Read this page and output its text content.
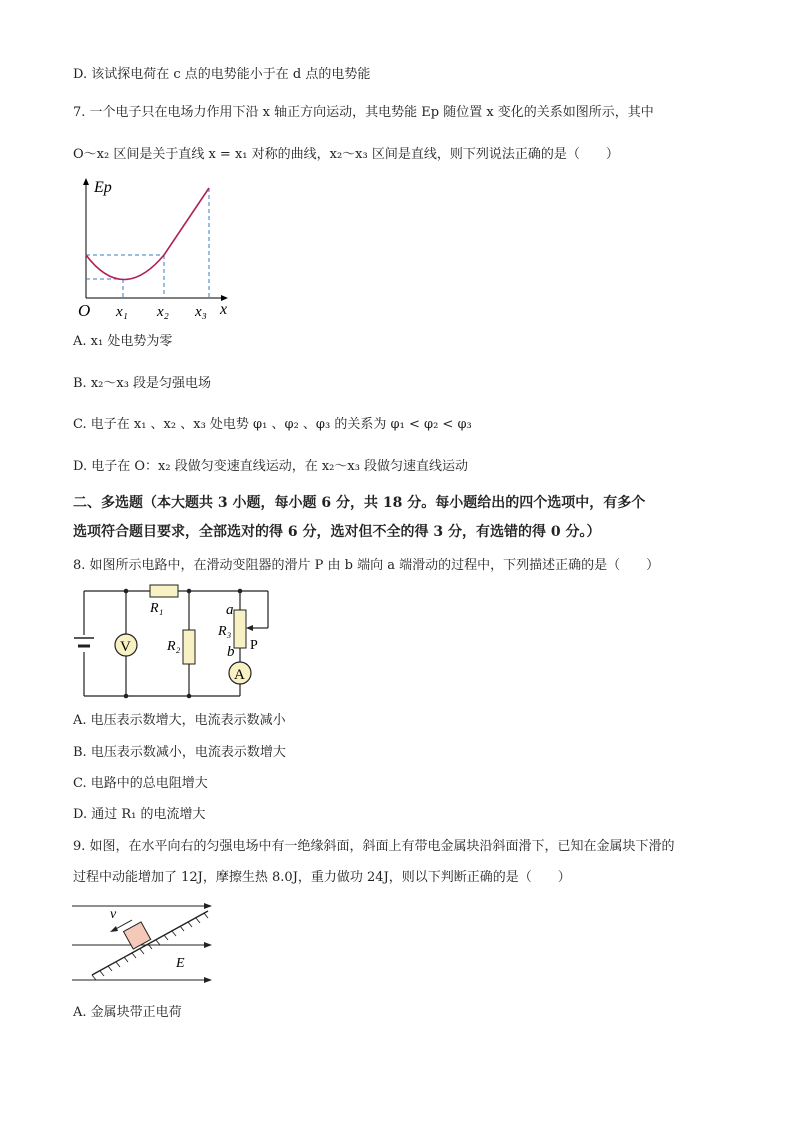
D. 该试探电荷在 c 点的电势能小于在 d 点的电势能
7. 一个电子只在电场力作用下沿 x 轴正方向运动，其电势能 Ep 随位置 x 变化的关系如图所示，其中
O～x₂ 区间是关于直线 x = x₁ 对称的曲线，x₂～x₃ 区间是直线，则下列说法正确的是（　　）
Ep
O x₁ x₂ x₃ x
A. x₁ 处电势为零
B. x₂～x₃ 段是匀强电场
C. 电子在 x₁ 、x₂ 、x₃ 处电势 φ₁ 、φ₂ 、φ₃ 的关系为 φ₁ < φ₂ < φ₃
D. 电子在 O：x₂ 段做匀变速直线运动，在 x₂～x₃ 段做匀速直线运动
二、多选题（本大题共 3 小题，每小题 6 分，共 18 分。每小题给出的四个选项中，有多个
选项符合题目要求，全部选对的得 6 分，选对但不全的得 3 分，有选错的得 0 分。）
8. 如图所示电路中，在滑动变阻器的滑片 P 由 b 端向 a 端滑动的过程中，下列描述正确的是（　　）
V
A
R₁
R₂
R₃
a
b P
A. 电压表示数增大，电流表示数减小
B. 电压表示数减小，电流表示数增大
C. 电路中的总电阻增大
D. 通过 R₁ 的电流增大
9. 如图，在水平向右的匀强电场中有一绝缘斜面，斜面上有带电金属块沿斜面滑下，已知在金属块下滑的
过程中动能增加了 12J，摩擦生热 8.0J，重力做功 24J，则以下判断正确的是（　　）
v
E
A. 金属块带正电荷
